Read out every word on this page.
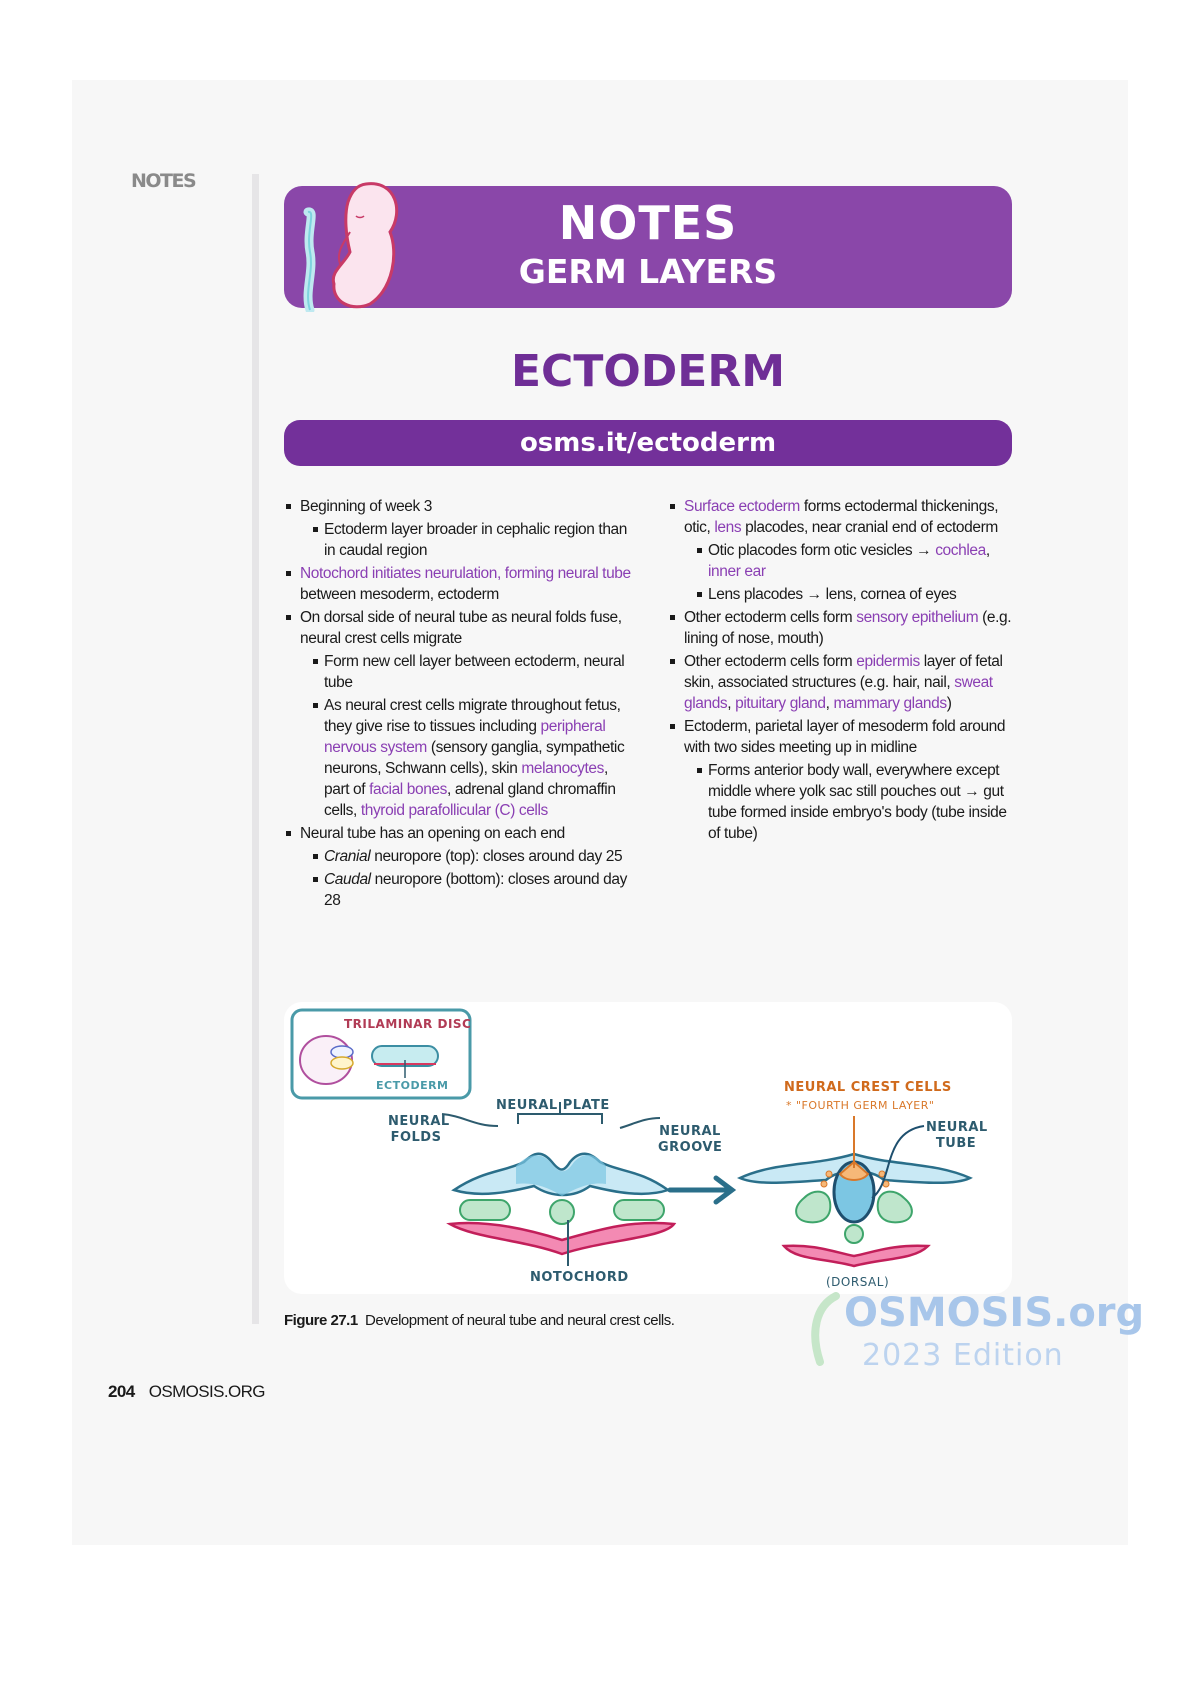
NOTES
NOTES
GERM LAYERS
ECTODERM
osms.it/ectoderm
Beginning of week 3
Ectoderm layer broader in cephalic region than in caudal region
Notochord initiates neurulation, forming neural tube between mesoderm, ectoderm
On dorsal side of neural tube as neural folds fuse, neural crest cells migrate
Form new cell layer between ectoderm, neural tube
As neural crest cells migrate throughout fetus, they give rise to tissues including peripheral nervous system (sensory ganglia, sympathetic neurons, Schwann cells), skin melanocytes, part of facial bones, adrenal gland chromaffin cells, thyroid parafollicular (C) cells
Neural tube has an opening on each end
Cranial neuropore (top): closes around day 25
Caudal neuropore (bottom): closes around day 28
Surface ectoderm forms ectodermal thickenings, otic, lens placodes, near cranial end of ectoderm
Otic placodes form otic vesicles → cochlea, inner ear
Lens placodes → lens, cornea of eyes
Other ectoderm cells form sensory epithelium (e.g. lining of nose, mouth)
Other ectoderm cells form epidermis layer of fetal skin, associated structures (e.g. hair, nail, sweat glands, pituitary gland, mammary glands)
Ectoderm, parietal layer of mesoderm fold around with two sides meeting up in midline
Forms anterior body wall, everywhere except middle where yolk sac still pouches out → gut tube formed inside embryo's body (tube inside of tube)
TRILAMINAR DISC
ECTODERM
NEURAL PLATE
NEURAL FOLDS	NEURAL GROOVE
NOTOCHORD
NEURAL CREST CELLS
* "FOURTH GERM LAYER"
NEURAL TUBE
(DORSAL)
Figure 27.1 Development of neural tube and neural crest cells.	OSMOSIS.org
2023 Edition
204 OSMOSIS.ORG
